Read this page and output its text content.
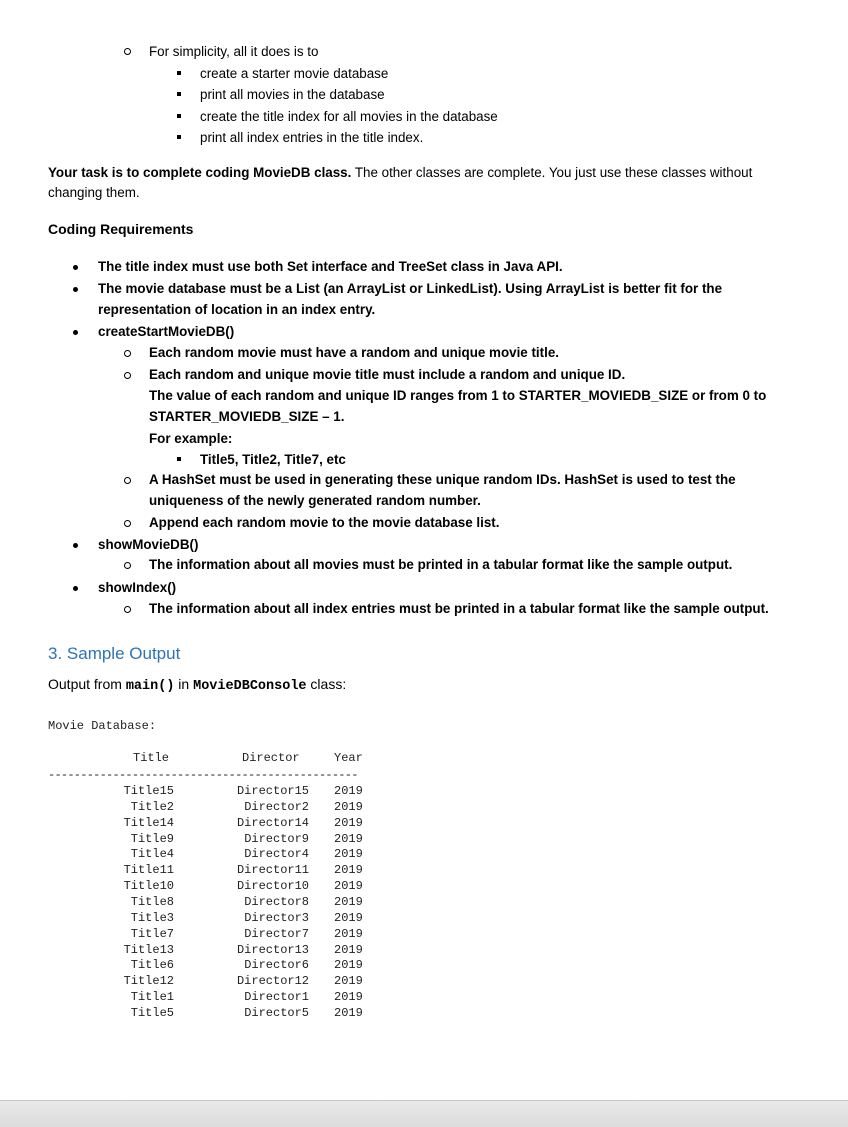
For simplicity, all it does is to
create a starter movie database
print all movies in the database
create the title index for all movies in the database
print all index entries in the title index.
Your task is to complete coding MovieDB class. The other classes are complete. You just use these classes without
changing them.
Coding Requirements
The title index must use both Set interface and TreeSet class in Java API.
The movie database must be a List (an ArrayList or LinkedList). Using ArrayList is better fit for the
representation of location in an index entry.
createStartMovieDB()
Each random movie must have a random and unique movie title.
Each random and unique movie title must include a random and unique ID.
The value of each random and unique ID ranges from 1 to STARTER_MOVIEDB_SIZE or from 0 to
STARTER_MOVIEDB_SIZE – 1.
For example:
Title5, Title2, Title7, etc
A HashSet must be used in generating these unique random IDs. HashSet is used to test the
uniqueness of the newly generated random number.
Append each random movie to the movie database list.
showMovieDB()
The information about all movies must be printed in a tabular format like the sample output.
showIndex()
The information about all index entries must be printed in a tabular format like the sample output.
3. Sample Output
Output from main() in MovieDBConsole class:
Movie Database:
Title	Director	Year
------------------------------------------------
Title15	Director15 2019
Title2	Director2 2019
Title14	Director14 2019
Title9	Director9 2019
Title4	Director4 2019
Title11	Director11 2019
Title10	Director10 2019
Title8	Director8 2019
Title3	Director3 2019
Title7	Director7 2019
Title13	Director13 2019
Title6	Director6 2019
Title12	Director12 2019
Title1	Director1 2019
Title5	Director5 2019
